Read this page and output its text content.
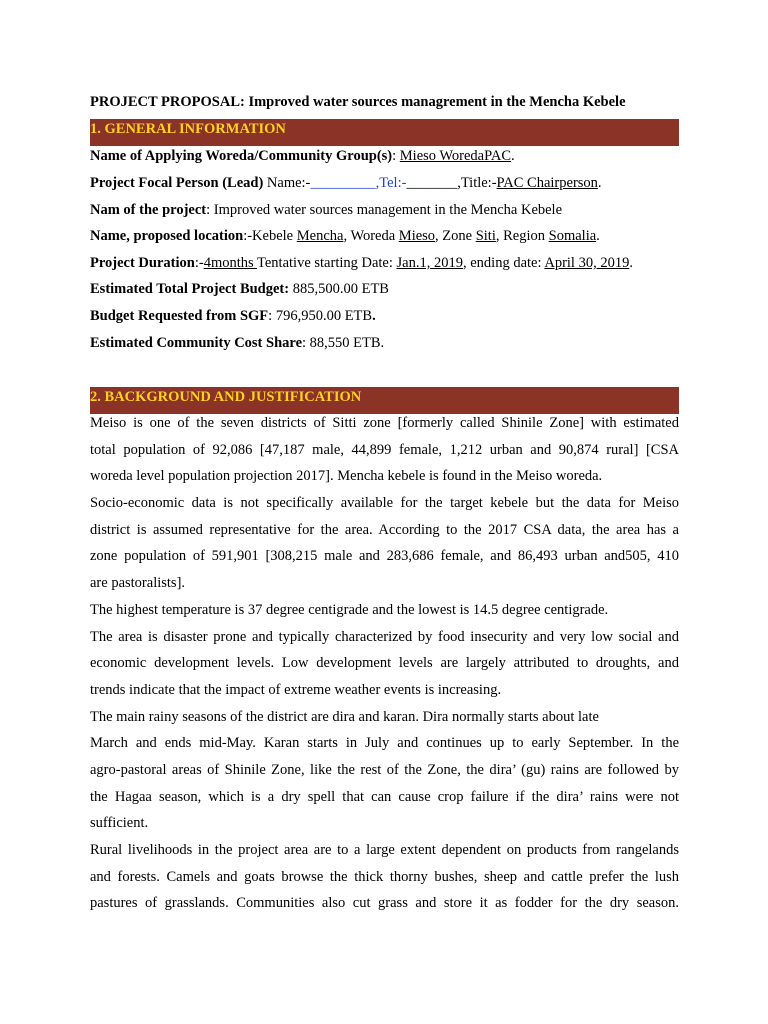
PROJECT PROPOSAL: Improved water sources managrement in the Mencha Kebele
1. GENERAL INFORMATION
Name of Applying Woreda/Community Group(s): Mieso WoredaPAC.
Project Focal Person (Lead) Name:-_________,Tel:-_______,Title:-PAC Chairperson.
Nam of the project: Improved water sources management in the Mencha Kebele
Name, proposed location:-Kebele Mencha, Woreda Mieso, Zone Siti, Region Somalia.
Project Duration:-4months Tentative starting Date: Jan.1, 2019, ending date: April 30, 2019.
Estimated Total Project Budget: 885,500.00 ETB
Budget Requested from SGF: 796,950.00 ETB.
Estimated Community Cost Share: 88,550 ETB.
2. BACKGROUND AND JUSTIFICATION
Meiso is one of the seven districts of Sitti zone [formerly called Shinile Zone] with estimated
total population of 92,086 [47,187 male, 44,899 female, 1,212 urban and 90,874 rural] [CSA
woreda level population projection 2017]. Mencha kebele is found in the Meiso woreda.
Socio-economic data is not specifically available for the target kebele but the data for Meiso
district is assumed representative for the area. According to the 2017 CSA data, the area has a
zone population of 591,901 [308,215 male and 283,686 female, and 86,493 urban and505, 410
are pastoralists].
The highest temperature is 37 degree centigrade and the lowest is 14.5 degree centigrade.
The area is disaster prone and typically characterized by food insecurity and very low social and
economic development levels. Low development levels are largely attributed to droughts, and
trends indicate that the impact of extreme weather events is increasing.
The main rainy seasons of the district are dira and karan. Dira normally starts about late
March and ends mid-May. Karan starts in July and continues up to early September. In the
agro-pastoral areas of Shinile Zone, like the rest of the Zone, the dira’ (gu) rains are followed by
the Hagaa season, which is a dry spell that can cause crop failure if the dira’ rains were not
sufficient.
Rural livelihoods in the project area are to a large extent dependent on products from rangelands
and forests. Camels and goats browse the thick thorny bushes, sheep and cattle prefer the lush
pastures of grasslands. Communities also cut grass and store it as fodder for the dry season.
